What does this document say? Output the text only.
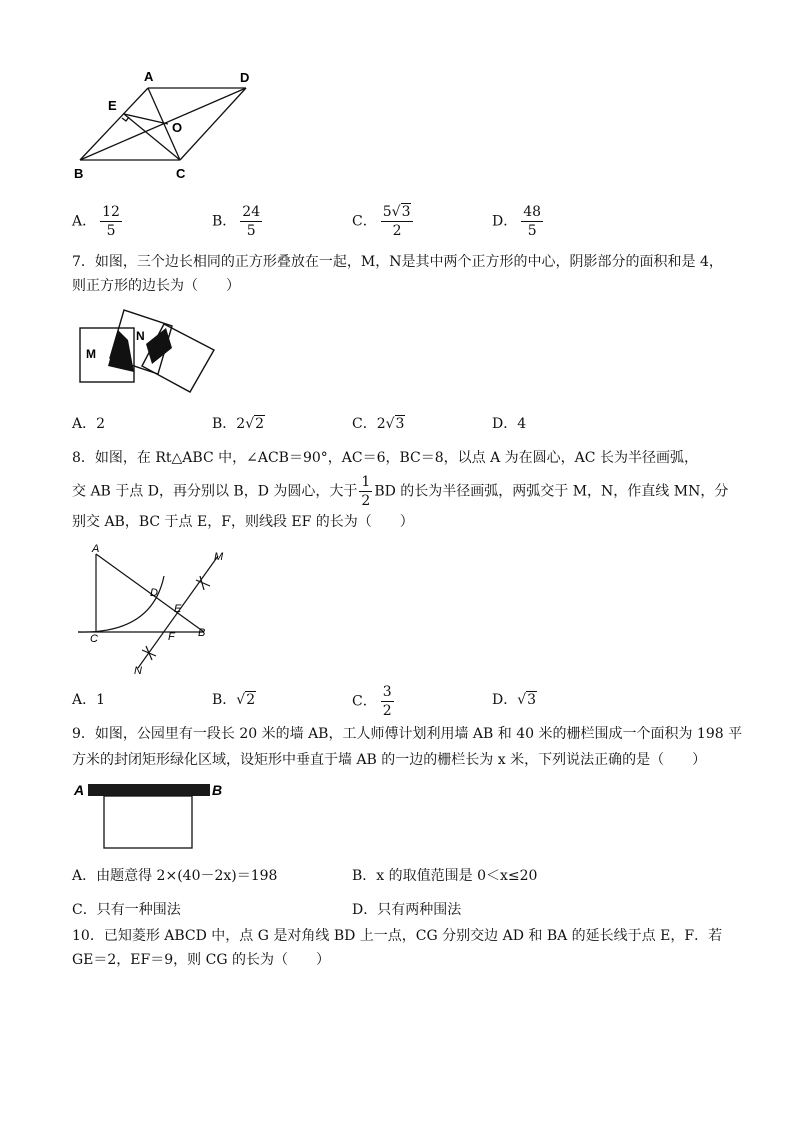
A	D
E
O
B	C
A． $\frac{12}{5}$	B． $\frac{24}{5}$	C． $\frac{5√3}{2}$	D． $\frac{48}{5}$
7．如图，三个边长相同的正方形叠放在一起，M，N是其中两个正方形的中心，阴影部分的面积和是 4，
则正方形的边长为（　　）
M
N
A．2	B．2√2	C．2√3	D．4
8．如图，在 Rt△ABC 中，∠ACB＝90°，AC＝6，BC＝8，以点 A 为在圆心，AC 长为半径画弧，
交 AB 于点 D，再分别以 B，D 为圆心，大于 $\frac{1}{2}$ BD 的长为半径画弧，两弧交于 M，N，作直线 MN，分
别交 AB，BC 于点 E，F，则线段 EF 的长为（　　）
A
C	B
D
E
F
M
N
A．1	B．√2	C． $\frac{3}{2}$	D．√3
9．如图，公园里有一段长 20 米的墙 AB，工人师傅计划利用墙 AB 和 40 米的栅栏围成一个面积为 198 平
方米的封闭矩形绿化区域，设矩形中垂直于墙 AB 的一边的栅栏长为 x 米，下列说法正确的是（　　）
A	B
A．由题意得 2×(40－2x)＝198	B．x 的取值范围是 0＜x≤20
C．只有一种围法	D．只有两种围法
10．已知菱形 ABCD 中，点 G 是对角线 BD 上一点，CG 分别交边 AD 和 BA 的延长线于点 E，F．若
GE＝2，EF＝9，则 CG 的长为（　　）
